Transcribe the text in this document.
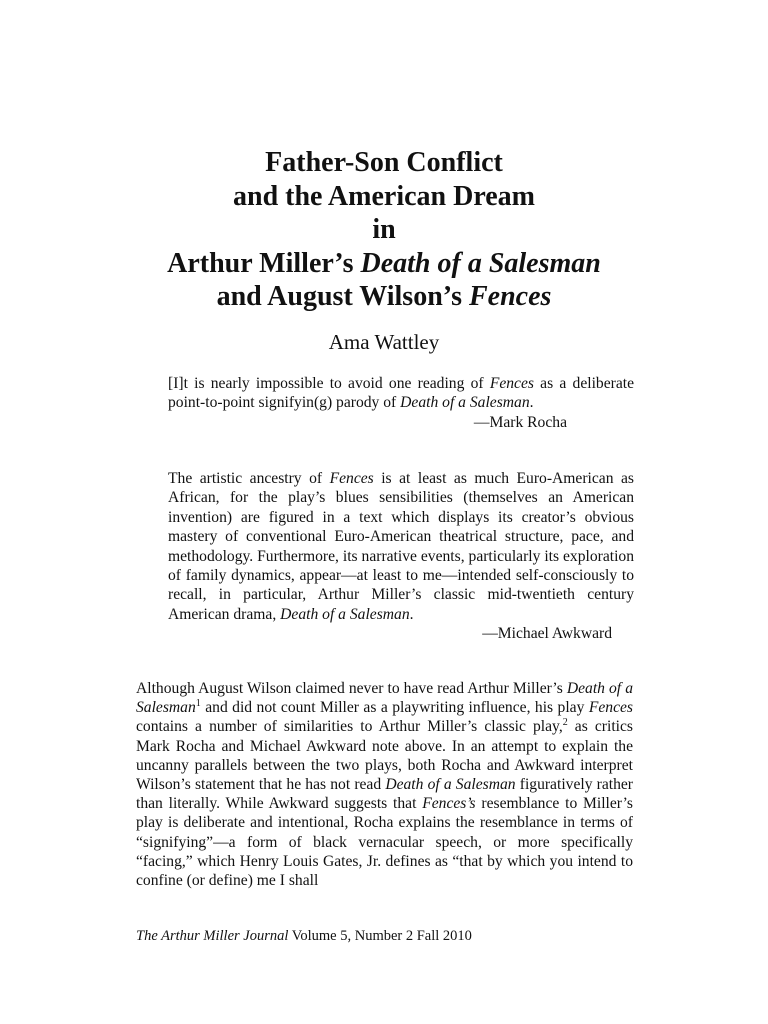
Father-Son Conflict
and the American Dream
in
Arthur Miller’s Death of a Salesman
and August Wilson’s Fences
Ama Wattley

[I]t is nearly impossible to avoid one reading of Fences as a deliberate point-to-point signifyin(g) parody of Death of a Salesman.

—Mark Rocha

The artistic ancestry of Fences is at least as much Euro-American as African, for the play’s blues sensibilities (themselves an American invention) are figured in a text which displays its creator’s obvious mastery of conventional Euro-American theatrical structure, pace, and methodology. Furthermore, its narrative events, particularly its exploration of family dynamics, appear—at least to me—intended self-consciously to recall, in particular, Arthur Miller’s classic mid-twentieth century American drama, Death of a Salesman.

—Michael Awkward

Although August Wilson claimed never to have read Arthur Miller’s Death of a Salesman$^1$ and did not count Miller as a playwriting influence, his play Fences contains a number of similarities to Arthur Miller’s classic play,$^2$ as critics Mark Rocha and Michael Awkward note above. In an attempt to explain the uncanny parallels between the two plays, both Rocha and Awkward interpret Wilson’s statement that he has not read Death of a Salesman figuratively rather than literally. While Awkward suggests that Fences’s resemblance to Miller’s play is deliberate and intentional, Rocha explains the resemblance in terms of “signifying”—a form of black vernacular speech, or more specifically “facing,” which Henry Louis Gates, Jr. defines as “that by which you intend to confine (or define) me I shall

The Arthur Miller Journal Volume 5, Number 2 Fall 2010
